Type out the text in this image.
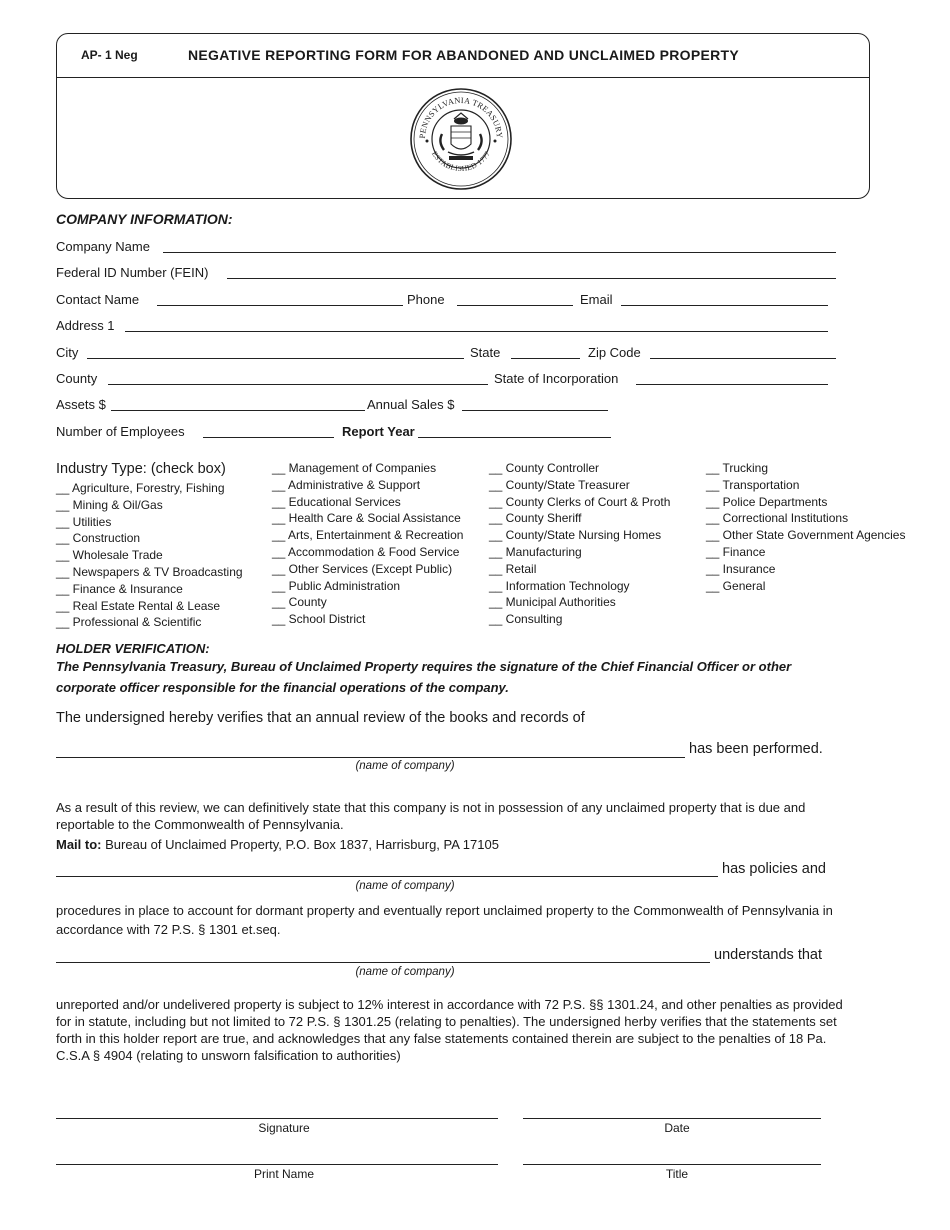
AP- 1 Neg	NEGATIVE REPORTING FORM FOR ABANDONED AND UNCLAIMED PROPERTY
PENNSYLVANIA TREASURY
ESTABLISHED 1777
COMPANY INFORMATION:
Company Name
Federal ID Number (FEIN)
Contact Name	Phone	Email
Address 1
City	State	Zip Code
County	State of Incorporation
Assets $	Annual Sales $
Number of Employees	Report Year
Industry Type: (check box)
__ Agriculture, Forestry, Fishing
__ Mining & Oil/Gas
__ Utilities
__ Construction
__ Wholesale Trade
__ Newspapers & TV Broadcasting
__ Finance & Insurance
__ Real Estate Rental & Lease
__ Professional & Scientific
__ Management of Companies
__ Administrative & Support
__ Educational Services
__ Health Care & Social Assistance
__ Arts, Entertainment & Recreation
__ Accommodation & Food Service
__ Other Services (Except Public)
__ Public Administration
__ County
__ School District
__ County Controller
__ County/State Treasurer
__ County Clerks of Court & Proth
__ County Sheriff
__ County/State Nursing Homes
__ Manufacturing
__ Retail
__ Information Technology
__ Municipal Authorities
__ Consulting
__ Trucking
__ Transportation
__ Police Departments
__ Correctional Institutions
__ Other State Government Agencies
__ Finance
__ Insurance
__ General
HOLDER VERIFICATION:
The Pennsylvania Treasury, Bureau of Unclaimed Property requires the signature of the Chief Financial Officer or other
corporate officer responsible for the financial operations of the company.
The undersigned hereby verifies that an annual review of the books and records of
has been performed.
(name of company)
As a result of this review, we can definitively state that this company is not in possession of any unclaimed property that is due and reportable to the Commonwealth of Pennsylvania.
Mail to: Bureau of Unclaimed Property, P.O. Box 1837, Harrisburg, PA 17105
has policies and
(name of company)
procedures in place to account for dormant property and eventually report unclaimed property to the Commonwealth of Pennsylvania in accordance with 72 P.S. § 1301 et.seq.
understands that
(name of company)
unreported and/or undelivered property is subject to 12% interest in accordance with 72 P.S. §§ 1301.24, and other penalties as provided for in statute, including but not limited to 72 P.S. § 1301.25 (relating to penalties). The undersigned herby verifies that the statements set forth in this holder report are true, and acknowledges that any false statements contained therein are subject to the penalties of 18 Pa. C.S.A § 4904 (relating to unsworn falsification to authorities)
Signature	Date
Print Name	Title
